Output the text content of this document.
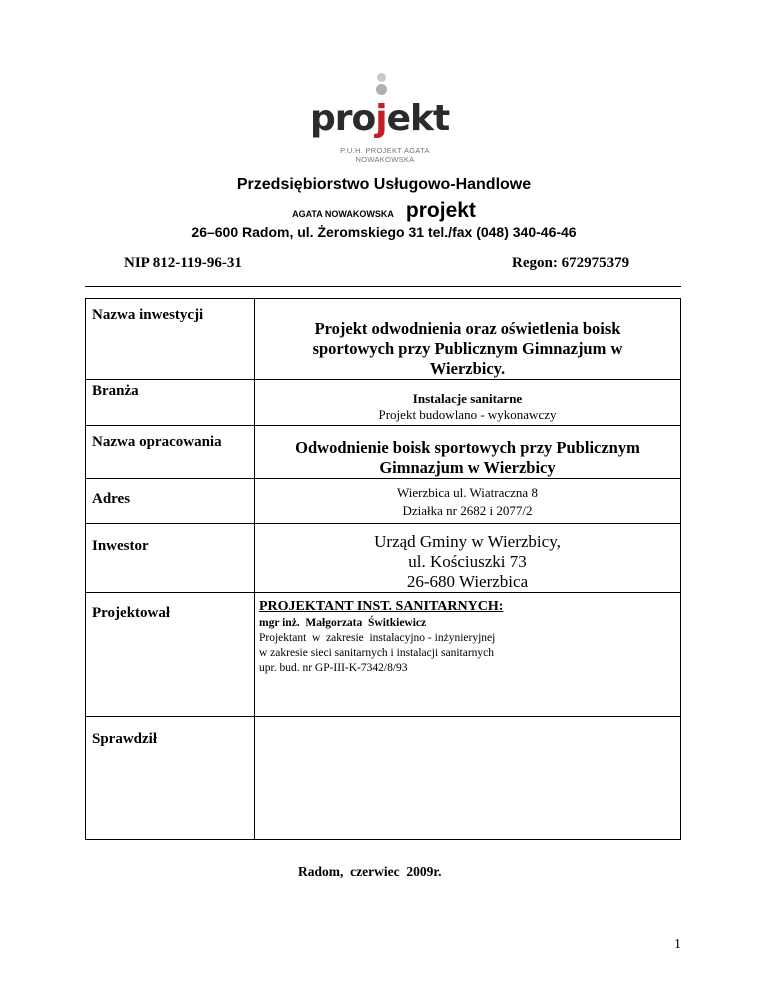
projekt
P.U.H. PROJEKT AGATA NOWAKOWSKA
Przedsiębiorstwo Usługowo-Handlowe
AGATA NOWAKOWSKA projekt
26–600 Radom, ul. Żeromskiego 31 tel./fax (048) 340-46-46
NIP 812-119-96-31	Regon: 672975379
Nazwa inwestycji	Projekt odwodnienia oraz oświetlenia boisk sportowych przy Publicznym Gimnazjum w Wierzbicy.

Branża	Instalacje sanitarne
Projekt budowlano - wykonawczy

Nazwa opracowania	Odwodnienie boisk sportowych przy Publicznym Gimnazjum w Wierzbicy

Adres	Wierzbica ul. Wiatraczna 8
Działka nr 2682 i 2077/2

Inwestor	Urząd Gminy w Wierzbicy,
ul. Kościuszki 73
26-680 Wierzbica

Projektował	PROJEKTANT INST. SANITARNYCH:
mgr inż.  Małgorzata  Świtkiewicz
Projektant  w  zakresie  instalacyjno - inżynieryjnej
w zakresie sieci sanitarnych i instalacji sanitarnych
upr. bud. nr GP-III-K-7342/8/93

Sprawdził	

Radom,  czerwiec  2009r.
1
